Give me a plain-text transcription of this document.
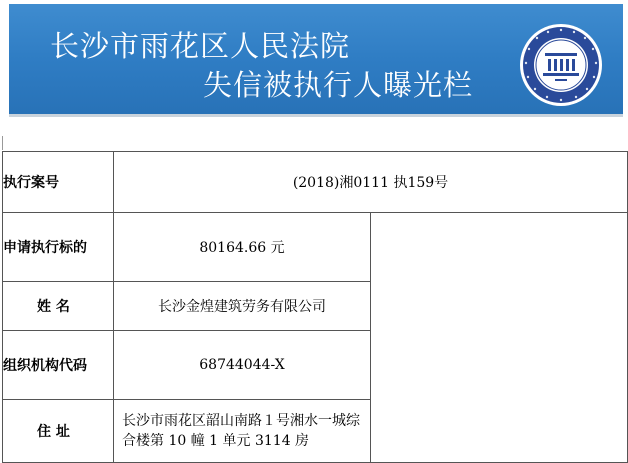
长沙市雨花区人民法院
失信被执行人曝光栏
执行案号	(2018)湘0111 执159号	
申请执行标的	80164.66 元	
姓 名	长沙金煌建筑劳务有限公司	
组织机构代码	68744044-X	
住 址	长沙市雨花区韶山南路１号湘水一城综合楼第 10 幢 1 单元 3114 房	
